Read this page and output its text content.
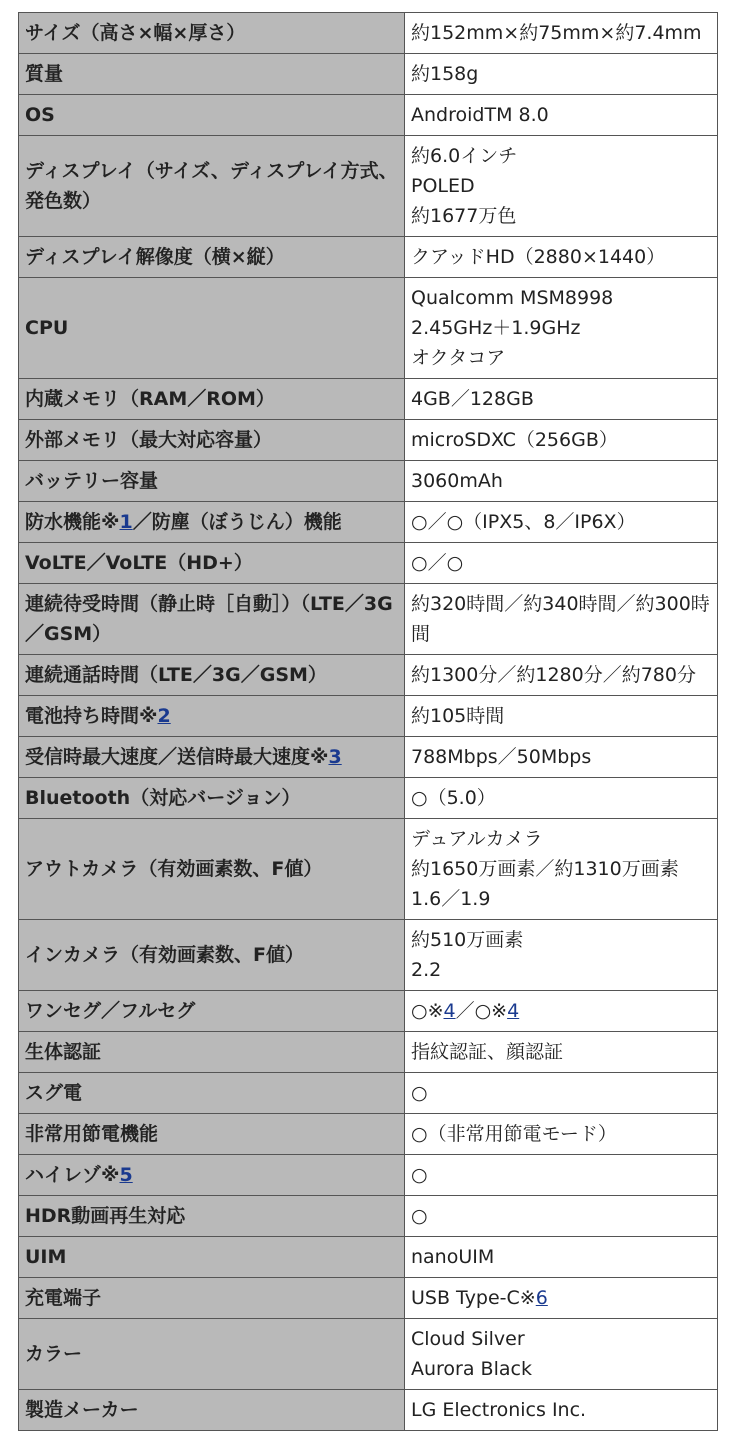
サイズ（高さ×幅×厚さ）	約152mm×約75mm×約7.4mm
質量	約158g
OS	AndroidTM 8.0
ディスプレイ（サイズ、ディスプレイ方式、発色数）	約6.0インチ
POLED
約1677万色

ディスプレイ解像度（横×縦）	クアッドHD（2880×1440）
CPU	Qualcomm MSM8998
2.45GHz＋1.9GHz
オクタコア

内蔵メモリ（RAM／ROM）	4GB／128GB
外部メモリ（最大対応容量）	microSDXC（256GB）
バッテリー容量	3060mAh
防水機能※1／防塵（ぼうじん）機能	○／○（IPX5、8／IP6X）
VoLTE／VoLTE（HD+）	○／○
連続待受時間（静止時［自動］）（LTE／3G／GSM）	約320時間／約340時間／約300時間
連続通話時間（LTE／3G／GSM）	約1300分／約1280分／約780分
電池持ち時間※2	約105時間
受信時最大速度／送信時最大速度※3	788Mbps／50Mbps
Bluetooth（対応バージョン）	○（5.0）
アウトカメラ（有効画素数、F値）	デュアルカメラ
約1650万画素／約1310万画素
1.6／1.9

インカメラ（有効画素数、F値）	約510万画素
2.2

ワンセグ／フルセグ	○※4／○※4
生体認証	指紋認証、顔認証
スグ電	○
非常用節電機能	○（非常用節電モード）
ハイレゾ※5	○
HDR動画再生対応	○
UIM	nanoUIM
充電端子	USB Type-C※6
カラー	Cloud Silver
Aurora Black

製造メーカー	LG Electronics Inc.
